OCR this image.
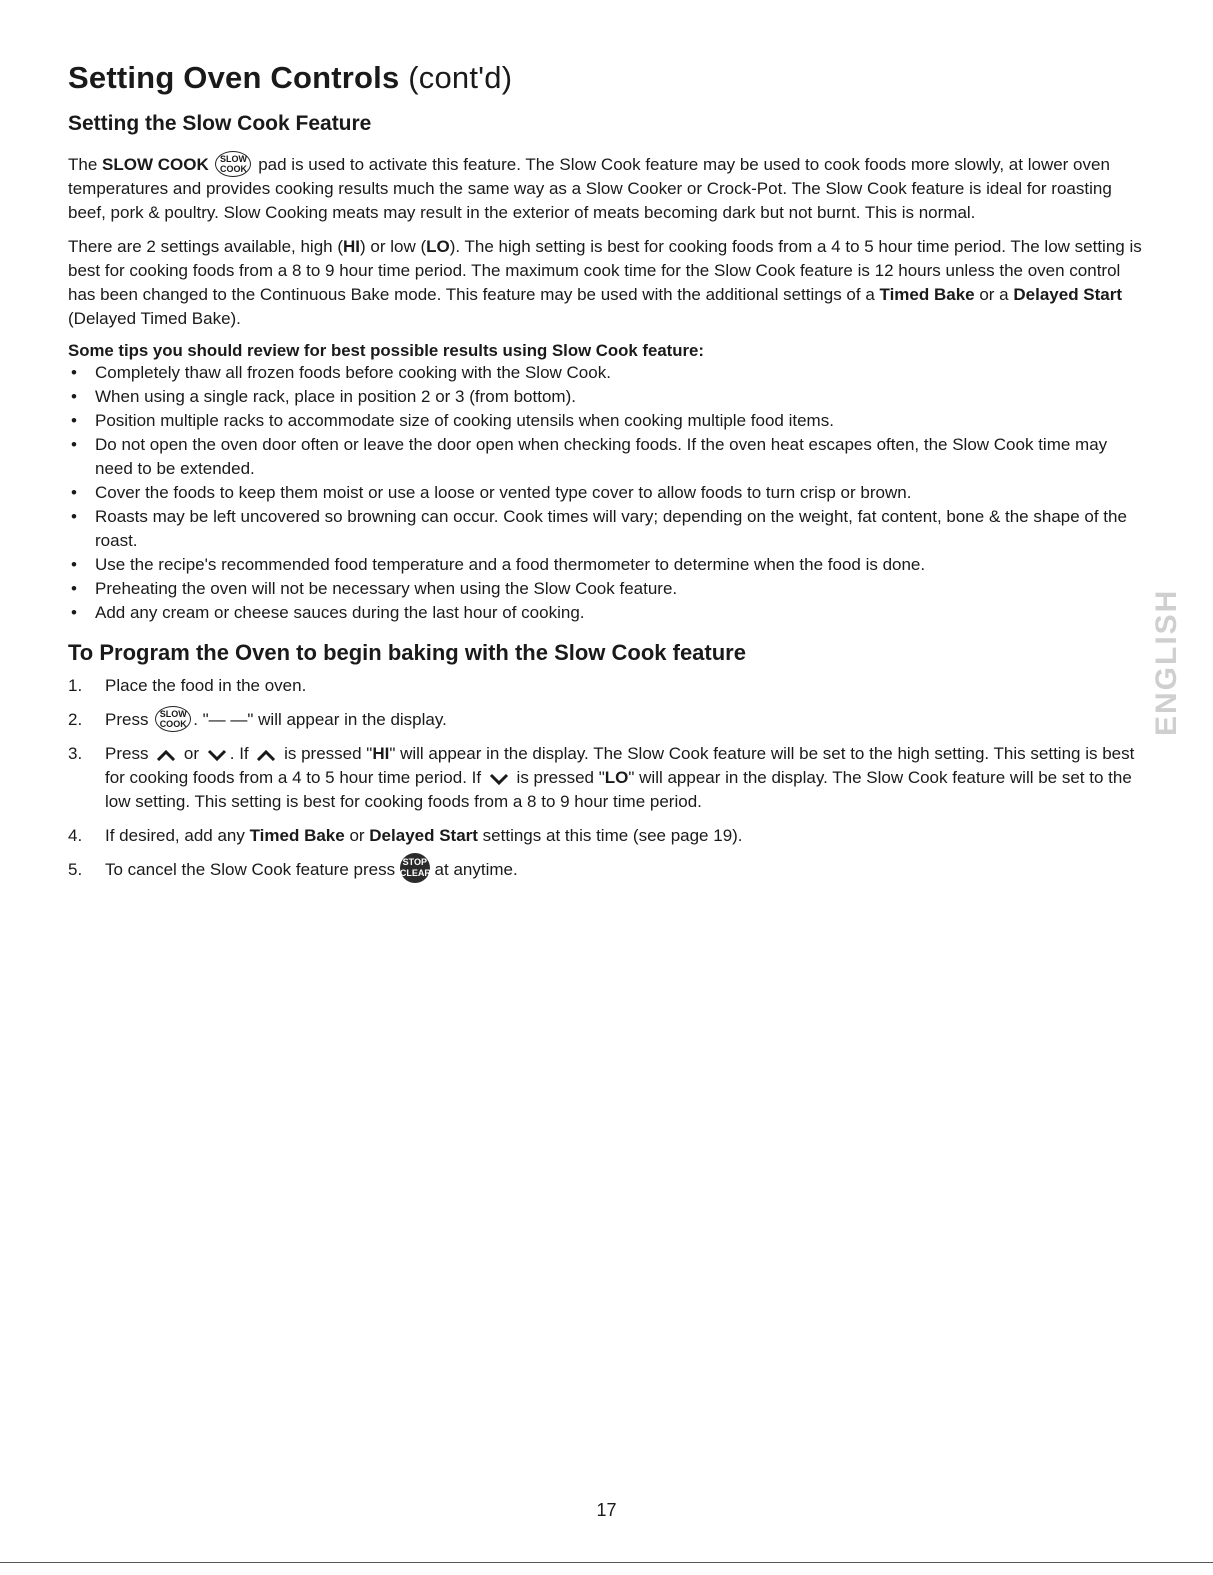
Setting Oven Controls (cont'd)
Setting the Slow Cook Feature

The SLOW COOK SLOW
COOK pad is used to activate this feature. The Slow Cook feature may be used to cook foods more slowly, at lower oven temperatures and provides cooking results much the same way as a Slow Cooker or Crock-Pot. The Slow Cook feature is ideal for roasting beef, pork & poultry. Slow Cooking meats may result in the exterior of meats becoming dark but not burnt. This is normal.

There are 2 settings available, high (HI) or low (LO). The high setting is best for cooking foods from a 4 to 5 hour time period. The low setting is best for cooking foods from a 8 to 9 hour time period. The maximum cook time for the Slow Cook feature is 12 hours unless the oven control has been changed to the Continuous Bake mode. This feature may be used with the additional settings of a Timed Bake or a Delayed Start (Delayed Timed Bake).

Some tips you should review for best possible results using Slow Cook feature:
• Completely thaw all frozen foods before cooking with the Slow Cook.
• When using a single rack, place in position 2 or 3 (from bottom).
• Position multiple racks to accommodate size of cooking utensils when cooking multiple food items.
• Do not open the oven door often or leave the door open when checking foods. If the oven heat escapes often, the Slow Cook time may need to be extended.
• Cover the foods to keep them moist or use a loose or vented type cover to allow foods to turn crisp or brown.
• Roasts may be left uncovered so browning can occur. Cook times will vary; depending on the weight, fat content, bone & the shape of the roast.
• Use the recipe's recommended food temperature and a food thermometer to determine when the food is done.
• Preheating the oven will not be necessary when using the Slow Cook feature.
• Add any cream or cheese sauces during the last hour of cooking.
To Program the Oven to begin baking with the Slow Cook feature
1. Place the food in the oven.
2. Press SLOW
COOK . "— —" will appear in the display.
3. Press  or . If  is pressed "HI" will appear in the display. The Slow Cook feature will be set to the high setting. This setting is best for cooking foods from a 4 to 5 hour time period. If  is pressed "LO" will appear in the display. The Slow Cook feature will be set to the low setting. This setting is best for cooking foods from a 8 to 9 hour time period.
4. If desired, add any Timed Bake or Delayed Start settings at this time (see page 19).
5. To cancel the Slow Cook feature press STOP
CLEAR at anytime.
ENGLISH
17
